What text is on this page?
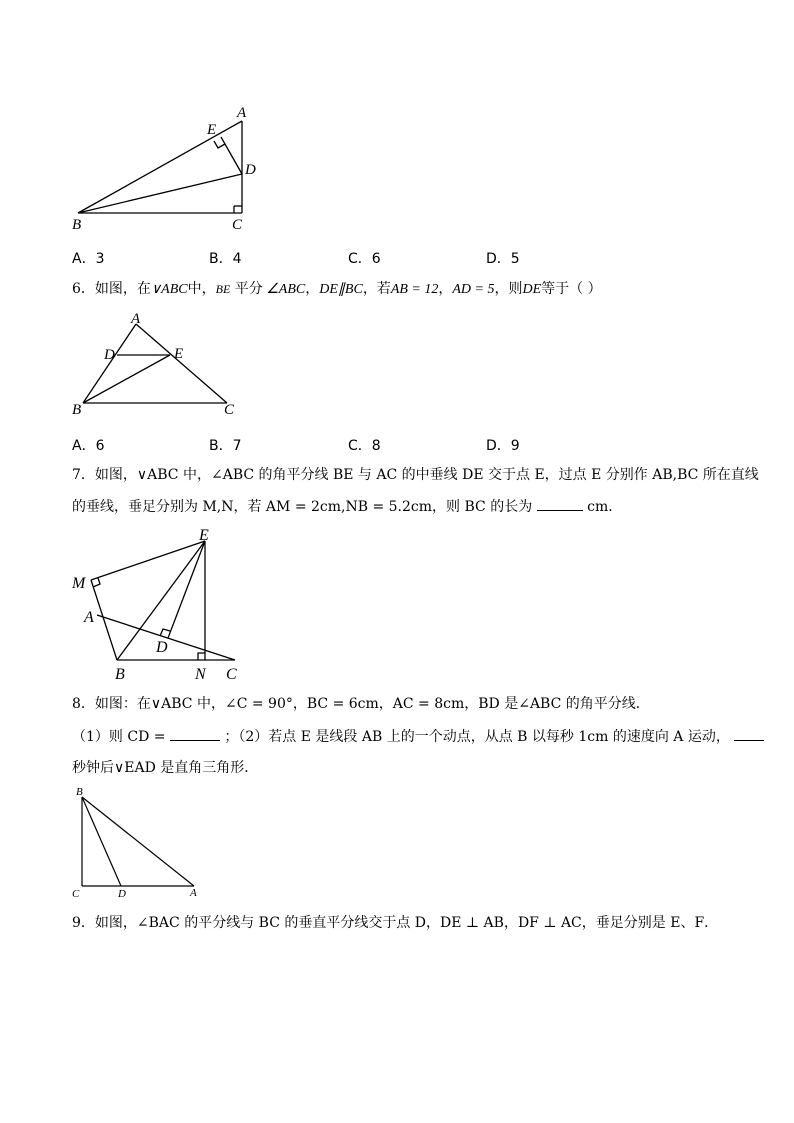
A
E
D
B	C
A．3	B．4	C．6	D．5
6．如图，在∨ABC中，BE 平分 ∠ABC，DE∥BC，若AB = 12，AD = 5，则DE等于（ ）
A
D	E
B	C
A．6	B．7	C．8	D．9
7．如图，∨ABC 中，∠ABC 的角平分线 BE 与 AC 的中垂线 DE 交于点 E，过点 E 分别作 AB,BC 所在直线
的垂线，垂足分别为 M,N，若 AM = 2cm,NB = 5.2cm，则 BC 的长为	cm．
E
M
A
D
B	N C
8．如图：在∨ABC 中，∠C = 90°，BC = 6cm，AC = 8cm，BD 是∠ABC 的角平分线．
（1）则 CD =	；（2）若点 E 是线段 AB 上的一个动点，从点 B 以每秒 1cm 的速度向 A 运动，
秒钟后∨EAD 是直角三角形．
B
C	D	A
9．如图，∠BAC 的平分线与 BC 的垂直平分线交于点 D，DE ⊥ AB，DF ⊥ AC，垂足分别是 E、F．
